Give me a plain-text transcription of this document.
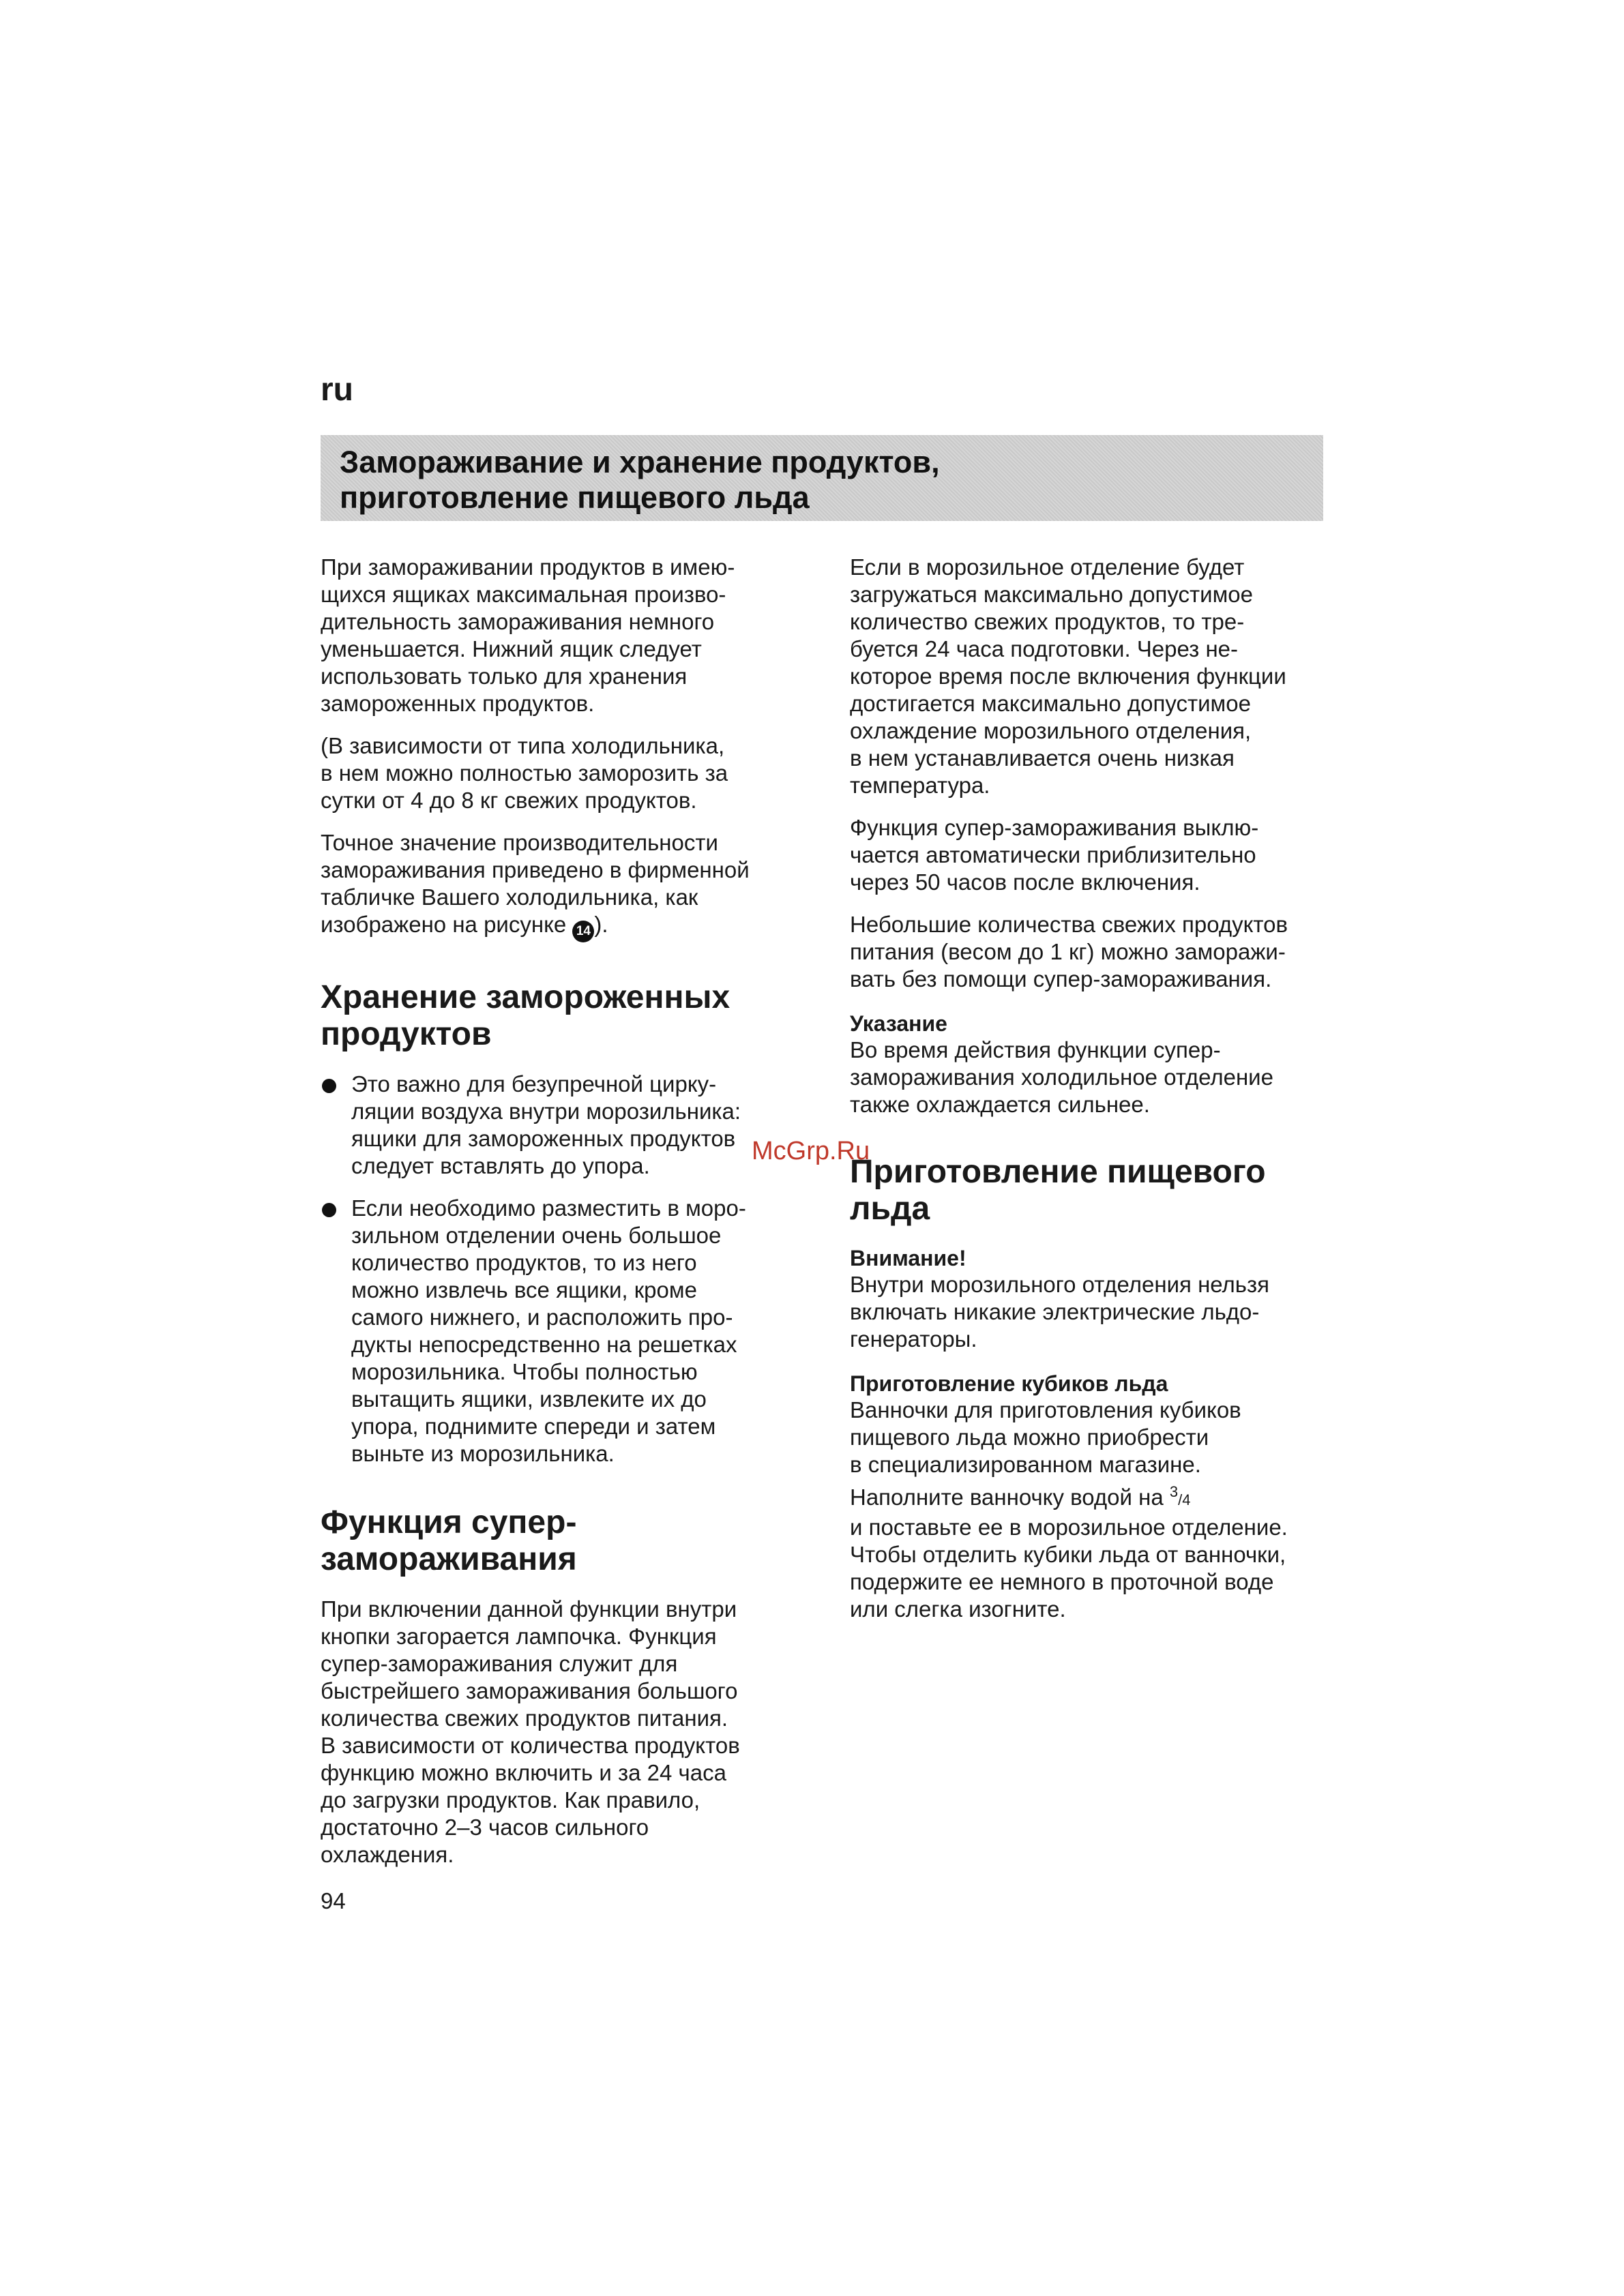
ru
Замораживание и хранение продуктов,
приготовление пищевого льда

При замораживании продуктов в имею-
щихся ящиках максимальная произво-
дительность замораживания немного
уменьшается. Нижний ящик следует
использовать только для хранения
замороженных продуктов.

(В зависимости от типа холодильника,
в нем можно полностью заморозить за
сутки от 4 до 8 кг свежих продуктов.

Точное значение производительности
замораживания приведено в фирменной
табличке Вашего холодильника, как
изображено на рисунке 14 ).

Хранение замороженных
продуктов

Это важно для безупречной цирку-
ляции воздуха внутри морозильника:
ящики для замороженных продуктов
следует вставлять до упора.

Если необходимо разместить в моро-
зильном отделении очень большое
количество продуктов, то из него
можно извлечь все ящики, кроме
самого нижнего, и расположить про-
дукты непосредственно на решетках
морозильника. Чтобы полностью
вытащить ящики, извлеките их до
упора, поднимите спереди и затем
выньте из морозильника.

Функция супер-
замораживания

При включении данной функции внутри
кнопки загорается лампочка. Функция
супер-замораживания служит для
быстрейшего замораживания большого
количества свежих продуктов питания.
В зависимости от количества продуктов
функцию можно включить и за 24 часа
до загрузки продуктов. Как правило,
достаточно 2–3 часов сильного
охлаждения.

Если в морозильное отделение будет
загружаться максимально допустимое
количество свежих продуктов, то тре-
буется 24 часа подготовки. Через не-
которое время после включения функции
достигается максимально допустимое
охлаждение морозильного отделения,
в нем устанавливается очень низкая
температура.

Функция супер-замораживания выклю-
чается автоматически приблизительно
через 50 часов после включения.

Небольшие количества свежих продуктов
питания (весом до 1 кг) можно заморажи-
вать без помощи супер-замораживания.

Указание

Во время действия функции супер-
замораживания холодильное отделение
также охлаждается сильнее.

Приготовление пищевого
льда
Внимание!

Внутри морозильного отделения нельзя
включать никакие электрические льдо-
генераторы.

Приготовление кубиков льда

Ванночки для приготовления кубиков
пищевого льда можно приобрести
в специализированном магазине.
Наполните ванночку водой на $^3$/4
и поставьте ее в морозильное отделение.
Чтобы отделить кубики льда от ванночки,
подержите ее немного в проточной воде
или слегка изогните.

McGrp.Ru
94
